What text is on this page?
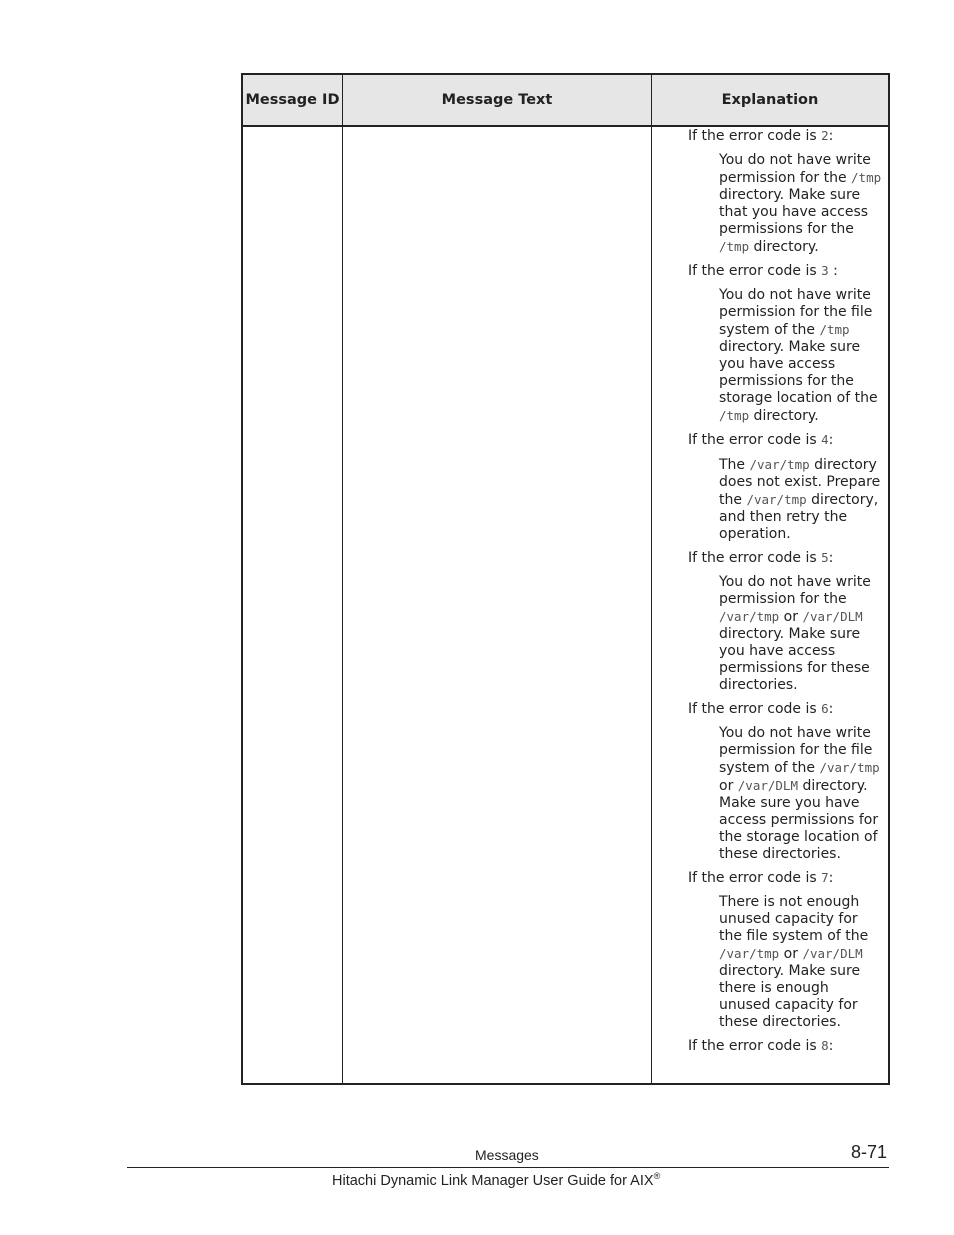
Message ID	Message Text	Explanation
If the error code is 2:
You do not have write permission for the /tmp directory. Make sure that you have access permissions for the /tmp directory.
If the error code is 3 :
You do not have write permission for the file system of the /tmp directory. Make sure you have access permissions for the storage location of the /tmp directory.
If the error code is 4:
The /var/tmp directory does not exist. Prepare the /var/tmp directory, and then retry the operation.
If the error code is 5:
You do not have write permission for the /var/tmp or /var/DLM directory. Make sure you have access permissions for these directories.
If the error code is 6:
You do not have write permission for the file system of the /var/tmp or /var/DLM directory. Make sure you have access permissions for the storage location of these directories.
If the error code is 7:
There is not enough unused capacity for the file system of the /var/tmp or /var/DLM directory. Make sure there is enough unused capacity for these directories.
If the error code is 8:
Messages	8-71
Hitachi Dynamic Link Manager User Guide for AIX®
